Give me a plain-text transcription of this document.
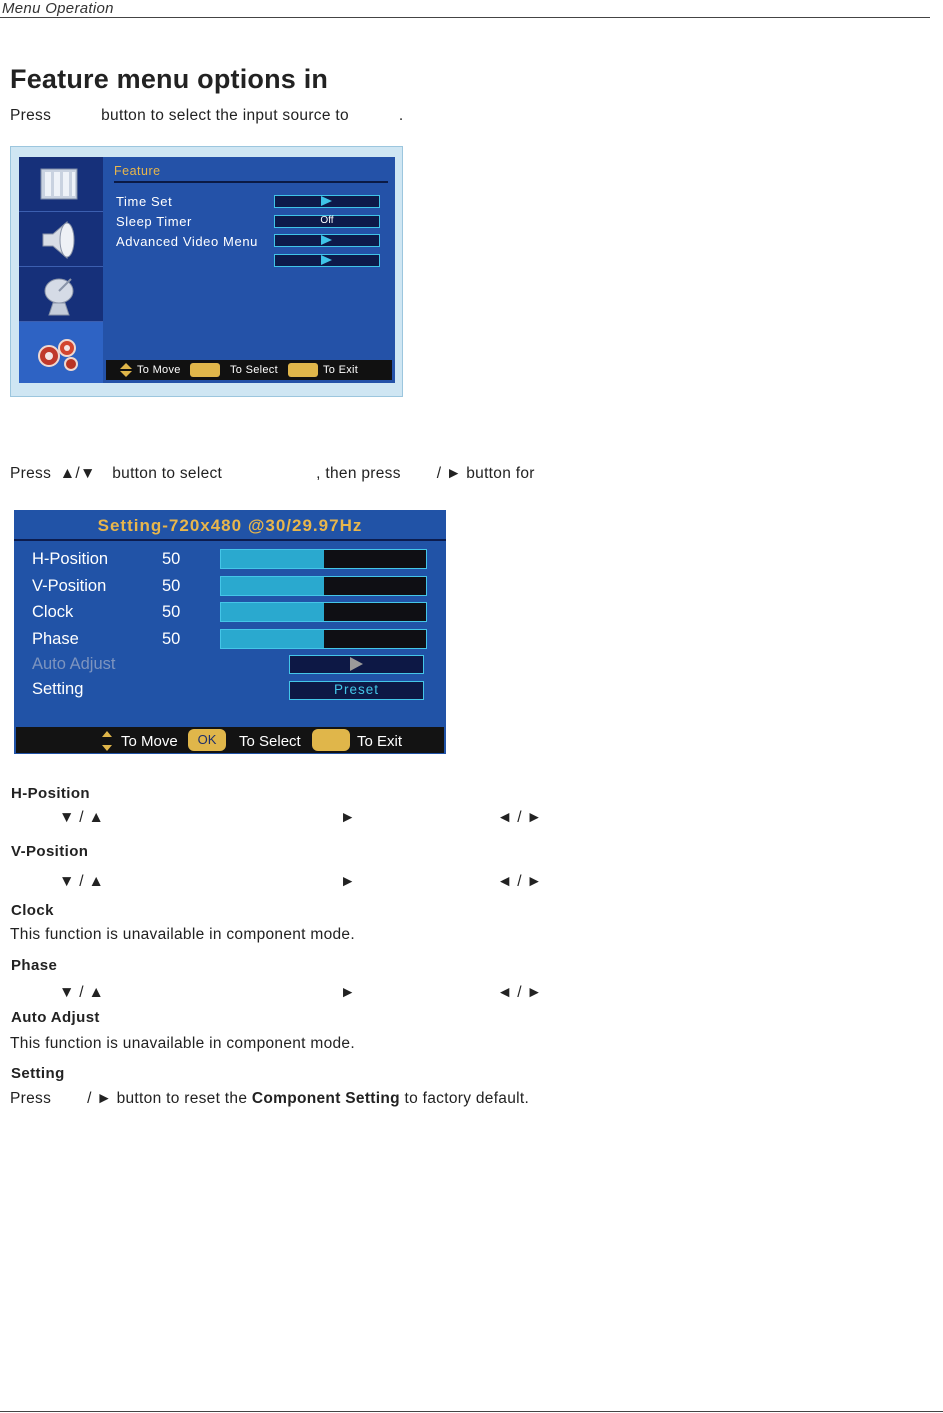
Menu Operation
Feature menu options in
Press	button to select the input source to	.
Feature
Time Set
Sleep Timer	Off
Advanced Video Menu
To Move	To Select	To Exit
Press ▲/▼ button to select	, then press / ► button for
Setting-720x480 @30/29.97Hz
H-Position	50
V-Position	50
Clock	50
Phase	50
Auto Adjust
Setting	Preset
To Move	OK	To Select	To Exit
H-Position
▼ / ▲	►	◄ / ►
V-Position
▼ / ▲	►	◄ / ►
Clock
This function is unavailable in component mode.
Phase
▼ / ▲	►	◄ / ►
Auto Adjust
This function is unavailable in component mode.
Setting
Press / ► button to reset the Component Setting to factory default.
